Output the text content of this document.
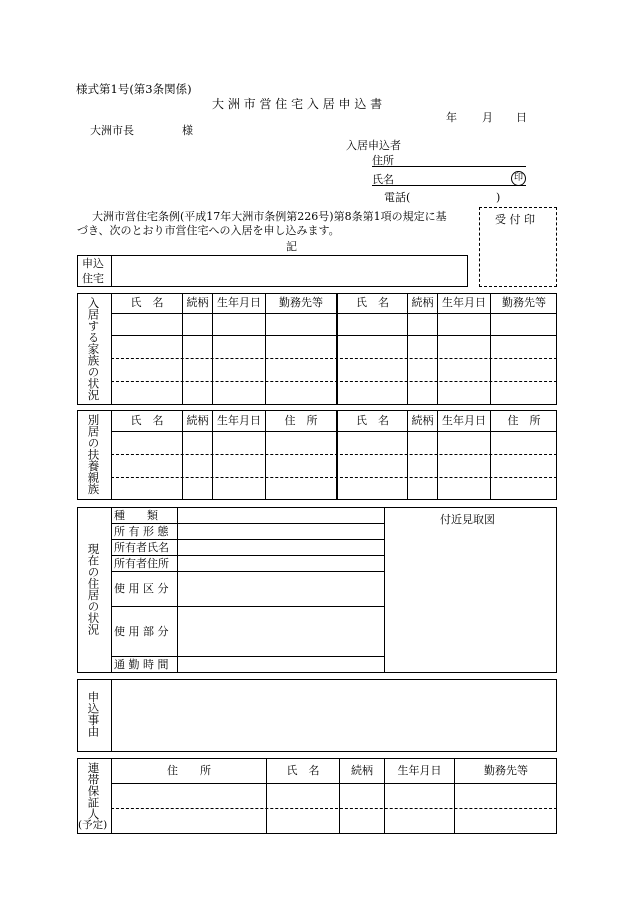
様式第1号(第3条関係)
大 洲 市 営 住 宅 入 居 申 込 書
年 月 日
大洲市長	様
入居申込者
住所
氏名	印
電話(	)
大洲市営住宅条例(平成17年大洲市条例第226号)第8条第1項の規定に基
づき、次のとおり市営住宅への入居を申し込みます。
記
受 付 印
申込
住宅
入居する家族の状況	氏　名	続柄 生年月日	勤務先等	氏　名	続柄 生年月日	勤務先等
別居の扶養親族	氏　名	続柄 生年月日	住　所	氏　名	続柄 生年月日	住　所
現在の住居の状況
種　　類
所 有 形 態
所有者氏名
所有者住所
使 用 区 分
使 用 部 分
通 勤 時 間
付近見取図
申込事由
連帯保証人
(予定)
住　　所	氏　名	続柄	生年月日	勤務先等
